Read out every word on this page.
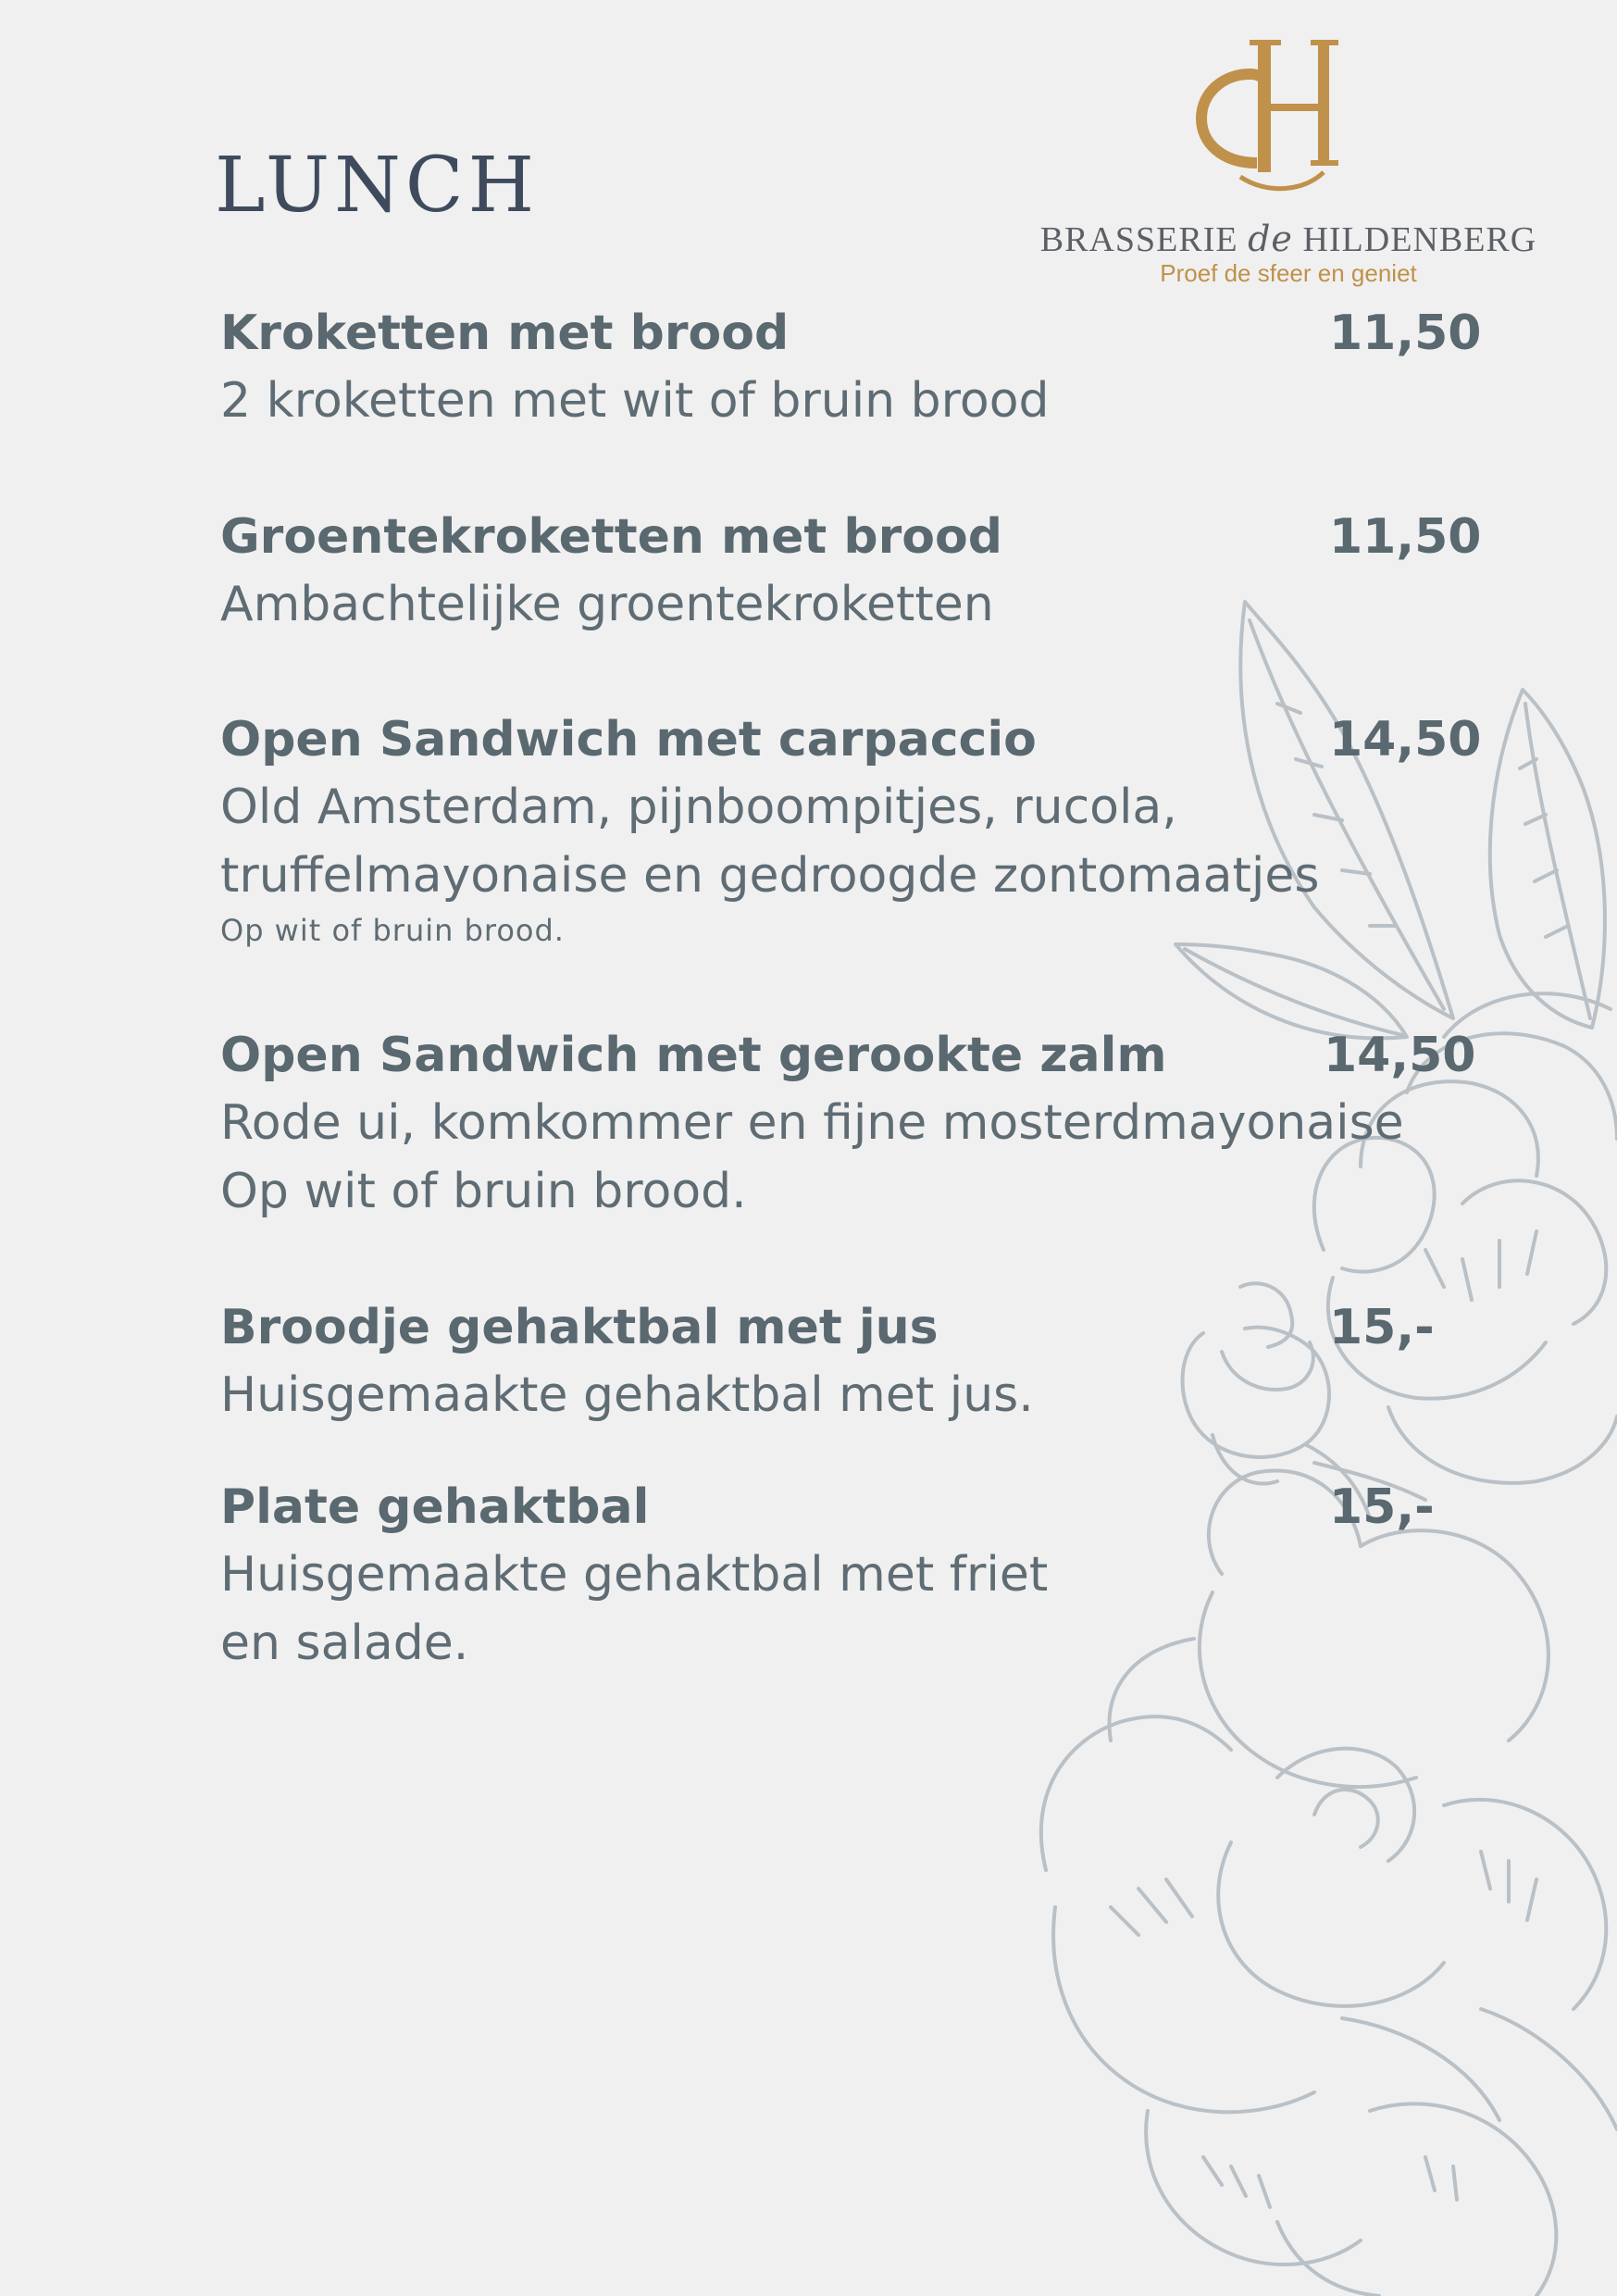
LUNCH
BRASSERIE de HILDENBERG
Proef de sfeer en geniet
Kroketten met brood	11,50
2 kroketten met wit of bruin brood
Groentekroketten met brood	11,50
Ambachtelijke groentekroketten
Open Sandwich met carpaccio	14,50
Old Amsterdam, pijnboompitjes, rucola,
truffelmayonaise en gedroogde zontomaatjes
Op wit of bruin brood.
Open Sandwich met gerookte zalm	14,50
Rode ui, komkommer en fijne mosterdmayonaise
Op wit of bruin brood.
Broodje gehaktbal met jus	15,-
Huisgemaakte gehaktbal met jus.
Plate gehaktbal	15,-
Huisgemaakte gehaktbal met friet
en salade.
